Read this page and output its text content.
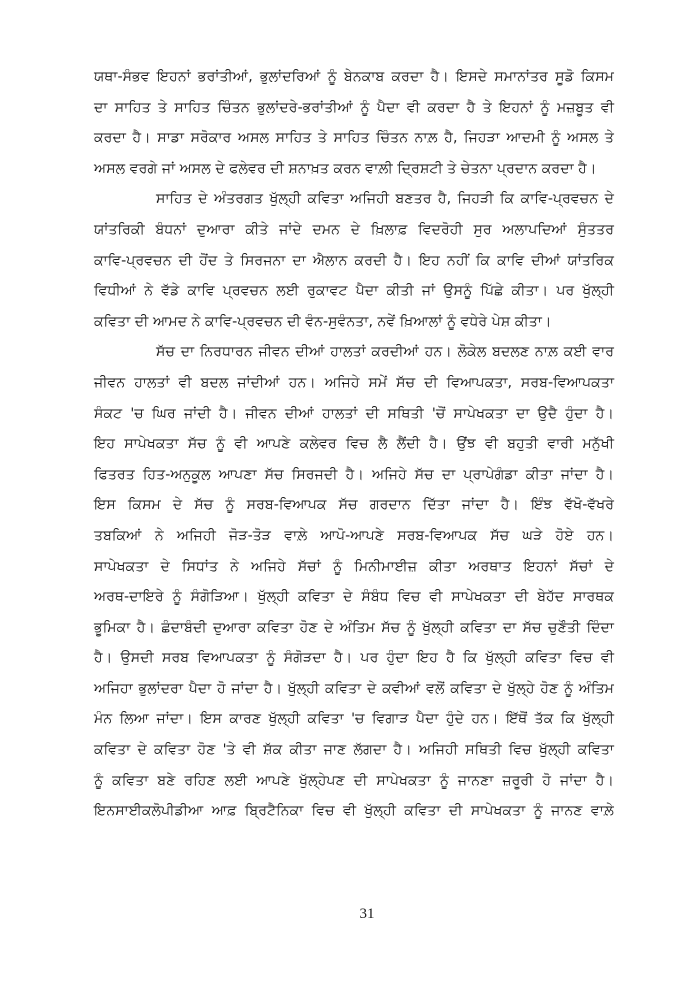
ਯਥਾ-ਸੰਭਵ ਇਹਨਾਂ ਭਰਾਂਤੀਆਂ, ਭੁਲਾਂਦਰਿਆਂ ਨੂੰ ਬੇਨਕਾਬ ਕਰਦਾ ਹੈ। ਇਸਦੇ ਸਮਾਨਾਂਤਰ ਸੂਡੋ ਕਿਸਮ
ਦਾ ਸਾਹਿਤ ਤੇ ਸਾਹਿਤ ਚਿੰਤਨ ਭੁਲਾਂਦਰੇ-ਭਰਾਂਤੀਆਂ ਨੂੰ ਪੈਦਾ ਵੀ ਕਰਦਾ ਹੈ ਤੇ ਇਹਨਾਂ ਨੂੰ ਮਜ਼ਬੂਤ ਵੀ
ਕਰਦਾ ਹੈ। ਸਾਡਾ ਸਰੋਕਾਰ ਅਸਲ ਸਾਹਿਤ ਤੇ ਸਾਹਿਤ ਚਿੰਤਨ ਨਾਲ਼ ਹੈ, ਜਿਹੜਾ ਆਦਮੀ ਨੂੰ ਅਸਲ ਤੇ
ਅਸਲ ਵਰਗੇ ਜਾਂ ਅਸਲ ਦੇ ਫਲੇਵਰ ਦੀ ਸ਼ਨਾਖ਼ਤ ਕਰਨ ਵਾਲ਼ੀ ਦ੍ਰਿਸ਼ਟੀ ਤੇ ਚੇਤਨਾ ਪ੍ਰਦਾਨ ਕਰਦਾ ਹੈ।
ਸਾਹਿਤ ਦੇ ਅੰਤਰਗਤ ਖੁੱਲ੍ਹੀ ਕਵਿਤਾ ਅਜਿਹੀ ਬਣਤਰ ਹੈ, ਜਿਹੜੀ ਕਿ ਕਾਵਿ-ਪ੍ਰਵਚਨ ਦੇ
ਯਾਂਤਰਿਕੀ ਬੰਧਨਾਂ ਦੁਆਰਾ ਕੀਤੇ ਜਾਂਦੇ ਦਮਨ ਦੇ ਖ਼ਿਲਾਫ਼ ਵਿਦਰੋਹੀ ਸੁਰ ਅਲਾਪਦਿਆਂ ਸੁੰਤਤਰ
ਕਾਵਿ-ਪ੍ਰਵਚਨ ਦੀ ਹੋਂਦ ਤੇ ਸਿਰਜਨਾ ਦਾ ਐਲਾਨ ਕਰਦੀ ਹੈ। ਇਹ ਨਹੀਂ ਕਿ ਕਾਵਿ ਦੀਆਂ ਯਾਂਤਰਿਕ
ਵਿਧੀਆਂ ਨੇ ਵੱਡੇ ਕਾਵਿ ਪ੍ਰਵਚਨ ਲਈ ਰੁਕਾਵਟ ਪੈਦਾ ਕੀਤੀ ਜਾਂ ਉਸਨੂੰ ਪਿੱਛੇ ਕੀਤਾ। ਪਰ ਖੁੱਲ੍ਹੀ
ਕਵਿਤਾ ਦੀ ਆਮਦ ਨੇ ਕਾਵਿ-ਪ੍ਰਵਚਨ ਦੀ ਵੰਨ-ਸੁਵੰਨਤਾ, ਨਵੇਂ ਖ਼ਿਆਲਾਂ ਨੂੰ ਵਧੇਰੇ ਪੇਸ਼ ਕੀਤਾ।
ਸੱਚ ਦਾ ਨਿਰਧਾਰਨ ਜੀਵਨ ਦੀਆਂ ਹਾਲਤਾਂ ਕਰਦੀਆਂ ਹਨ। ਲੋਕੇਲ ਬਦਲਣ ਨਾਲ਼ ਕਈ ਵਾਰ
ਜੀਵਨ ਹਾਲਤਾਂ ਵੀ ਬਦਲ ਜਾਂਦੀਆਂ ਹਨ। ਅਜਿਹੇ ਸਮੇਂ ਸੱਚ ਦੀ ਵਿਆਪਕਤਾ, ਸਰਬ-ਵਿਆਪਕਤਾ
ਸੰਕਟ 'ਚ ਘਿਰ ਜਾਂਦੀ ਹੈ। ਜੀਵਨ ਦੀਆਂ ਹਾਲਤਾਂ ਦੀ ਸਥਿਤੀ 'ਚੋਂ ਸਾਪੇਖਕਤਾ ਦਾ ਉਦੈ ਹੁੰਦਾ ਹੈ।
ਇਹ ਸਾਪੇਖਕਤਾ ਸੱਚ ਨੂੰ ਵੀ ਆਪਣੇ ਕਲੇਵਰ ਵਿਚ ਲੈ ਲੈਂਦੀ ਹੈ। ਉਂਝ ਵੀ ਬਹੁਤੀ ਵਾਰੀ ਮਨੁੱਖੀ
ਫਿਤਰਤ ਹਿਤ-ਅਨੁਕੂਲ ਆਪਣਾ ਸੱਚ ਸਿਰਜਦੀ ਹੈ। ਅਜਿਹੇ ਸੱਚ ਦਾ ਪ੍ਰਾਪੇਗੰਡਾ ਕੀਤਾ ਜਾਂਦਾ ਹੈ।
ਇਸ ਕਿਸਮ ਦੇ ਸੱਚ ਨੂੰ ਸਰਬ-ਵਿਆਪਕ ਸੱਚ ਗਰਦਾਨ ਦਿੱਤਾ ਜਾਂਦਾ ਹੈ। ਇੰਝ ਵੱਖੋ-ਵੱਖਰੇ
ਤਬਕਿਆਂ ਨੇ ਅਜਿਹੀ ਜੋੜ-ਤੋੜ ਵਾਲ਼ੇ ਆਪੋ-ਆਪਣੇ ਸਰਬ-ਵਿਆਪਕ ਸੱਚ ਘੜੇ ਹੋਏ ਹਨ।
ਸਾਪੇਖਕਤਾ ਦੇ ਸਿਧਾਂਤ ਨੇ ਅਜਿਹੇ ਸੱਚਾਂ ਨੂੰ ਮਿਨੀਮਾਈਜ਼ ਕੀਤਾ ਅਰਥਾਤ ਇਹਨਾਂ ਸੱਚਾਂ ਦੇ
ਅਰਥ-ਦਾਇਰੇ ਨੂੰ ਸੰਗੋੜਿਆ। ਖੁੱਲ੍ਹੀ ਕਵਿਤਾ ਦੇ ਸੰਬੰਧ ਵਿਚ ਵੀ ਸਾਪੇਖਕਤਾ ਦੀ ਬੇਹੱਦ ਸਾਰਥਕ
ਭੂਮਿਕਾ ਹੈ। ਛੰਦਾਬੰਦੀ ਦੁਆਰਾ ਕਵਿਤਾ ਹੋਣ ਦੇ ਅੰਤਿਮ ਸੱਚ ਨੂੰ ਖੁੱਲ੍ਹੀ ਕਵਿਤਾ ਦਾ ਸੱਚ ਚੁਣੌਤੀ ਦਿੰਦਾ
ਹੈ। ਉਸਦੀ ਸਰਬ ਵਿਆਪਕਤਾ ਨੂੰ ਸੰਗੋੜਦਾ ਹੈ। ਪਰ ਹੁੰਦਾ ਇਹ ਹੈ ਕਿ ਖੁੱਲ੍ਹੀ ਕਵਿਤਾ ਵਿਚ ਵੀ
ਅਜਿਹਾ ਭੁਲਾਂਦਰਾ ਪੈਦਾ ਹੋ ਜਾਂਦਾ ਹੈ। ਖੁੱਲ੍ਹੀ ਕਵਿਤਾ ਦੇ ਕਵੀਆਂ ਵਲੋਂ ਕਵਿਤਾ ਦੇ ਖੁੱਲ੍ਹੇ ਹੋਣ ਨੂੰ ਅੰਤਿਮ
ਮੰਨ ਲਿਆ ਜਾਂਦਾ। ਇਸ ਕਾਰਣ ਖੁੱਲ੍ਹੀ ਕਵਿਤਾ 'ਚ ਵਿਗਾੜ ਪੈਦਾ ਹੁੰਦੇ ਹਨ। ਇੱਥੋਂ ਤੱਕ ਕਿ ਖੁੱਲ੍ਹੀ
ਕਵਿਤਾ ਦੇ ਕਵਿਤਾ ਹੋਣ 'ਤੇ ਵੀ ਸ਼ੱਕ ਕੀਤਾ ਜਾਣ ਲੱਗਦਾ ਹੈ। ਅਜਿਹੀ ਸਥਿਤੀ ਵਿਚ ਖੁੱਲ੍ਹੀ ਕਵਿਤਾ
ਨੂੰ ਕਵਿਤਾ ਬਣੇ ਰਹਿਣ ਲਈ ਆਪਣੇ ਖੁੱਲ੍ਹੇਪਣ ਦੀ ਸਾਪੇਖਕਤਾ ਨੂੰ ਜਾਨਣਾ ਜ਼ਰੂਰੀ ਹੋ ਜਾਂਦਾ ਹੈ।
ਇਨਸਾਈਕਲੋਪੀਡੀਆ ਆਫ਼ ਬ੍ਰਿਟੈਨਿਕਾ ਵਿਚ ਵੀ ਖੁੱਲ੍ਹੀ ਕਵਿਤਾ ਦੀ ਸਾਪੇਖਕਤਾ ਨੂੰ ਜਾਨਣ ਵਾਲ਼ੇ
31
